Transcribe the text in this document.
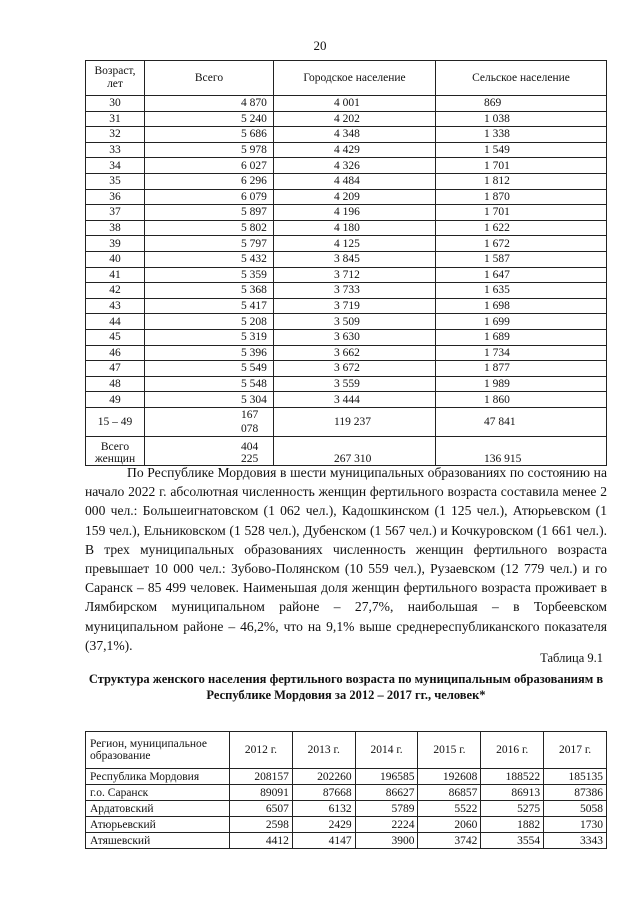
20
Возраст, лет	Всего	Городское население	Сельское население
30	4 870	4 001	869
31	5 240	4 202	1 038
32	5 686	4 348	1 338
33	5 978	4 429	1 549
34	6 027	4 326	1 701
35	6 296	4 484	1 812
36	6 079	4 209	1 870
37	5 897	4 196	1 701
38	5 802	4 180	1 622
39	5 797	4 125	1 672
40	5 432	3 845	1 587
41	5 359	3 712	1 647
42	5 368	3 733	1 635
43	5 417	3 719	1 698
44	5 208	3 509	1 699
45	5 319	3 630	1 689
46	5 396	3 662	1 734
47	5 549	3 672	1 877
48	5 548	3 559	1 989
49	5 304	3 444	1 860
15 – 49	167 078	119 237	47 841
Всего женщин	404 225	267 310	136 915
По Республике Мордовия в шести муниципальных образованиях по состоянию на начало 2022 г. абсолютная численность женщин фертильного возраста составила менее 2 000 чел.: Большеигнатовском (1 062 чел.), Кадошкинском (1 125 чел.), Атюрьевском (1 159 чел.), Ельниковском (1 528 чел.), Дубенском (1 567 чел.) и Кочкуровском (1 661 чел.). В трех муниципальных образованиях численность женщин фертильного возраста превышает 10 000 чел.: Зубово-Полянском (10 559 чел.), Рузаевском (12 779 чел.) и го Саранск – 85 499 человек. Наименьшая доля женщин фертильного возраста проживает в Лямбирском муниципальном районе – 27,7%, наибольшая – в Торбеевском муниципальном районе – 46,2%, что на 9,1% выше среднереспубликанского показателя (37,1%).
Таблица 9.1
Структура женского населения фертильного возраста по муниципальным образованиям в Республике Мордовия за 2012 – 2017 гг., человек*
Регион, муниципальное образование	2012 г.	2013 г.	2014 г.	2015 г.	2016 г.	2017 г.
Республика Мордовия	208157	202260	196585	192608	188522	185135
г.о. Саранск	89091	87668	86627	86857	86913	87386
Ардатовский	6507	6132	5789	5522	5275	5058
Атюрьевский	2598	2429	2224	2060	1882	1730
Атяшевский	4412	4147	3900	3742	3554	3343
